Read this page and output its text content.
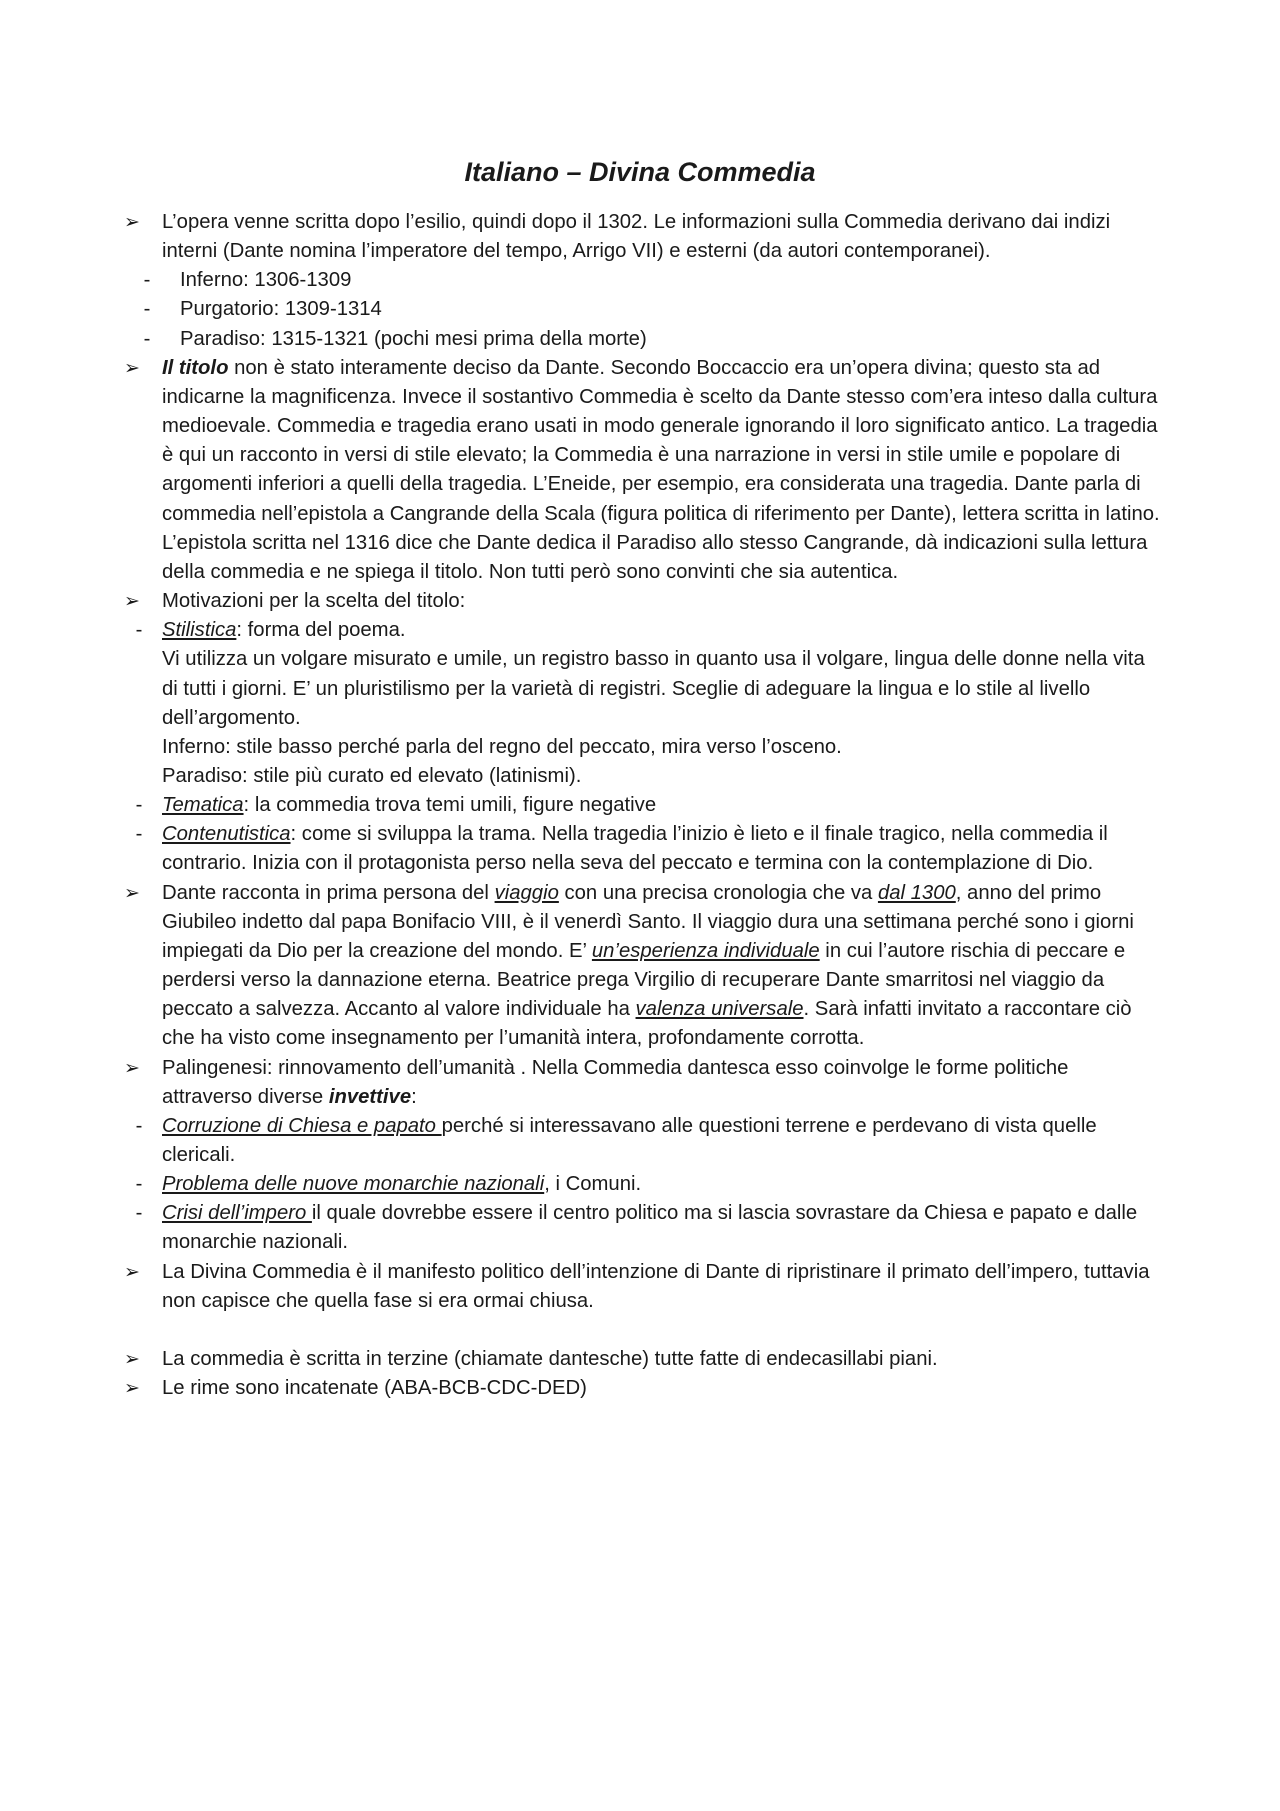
Italiano – Divina Commedia
➢	L’opera venne scritta dopo l’esilio, quindi dopo il 1302. Le informazioni sulla Commedia derivano dai indizi interni (Dante nomina l’imperatore del tempo, Arrigo VII) e esterni (da autori contemporanei).
-	Inferno: 1306-1309
-	Purgatorio: 1309-1314
-	Paradiso: 1315-1321 (pochi mesi prima della morte)
➢	Il titolo non è stato interamente deciso da Dante. Secondo Boccaccio era un’opera divina; questo sta ad indicarne la magnificenza. Invece il sostantivo Commedia è scelto da Dante stesso com’era inteso dalla cultura medioevale. Commedia e tragedia erano usati in modo generale ignorando il loro significato antico. La tragedia è qui un racconto in versi di stile elevato; la Commedia è una narrazione in versi in stile umile e popolare di argomenti inferiori a quelli della tragedia. L’Eneide, per esempio, era considerata una tragedia. Dante parla di commedia nell’epistola a Cangrande della Scala (figura politica di riferimento per Dante), lettera scritta in latino. L’epistola scritta nel 1316 dice che Dante dedica il Paradiso allo stesso Cangrande, dà indicazioni sulla lettura della commedia e ne spiega il titolo. Non tutti però sono convinti che sia autentica.
➢	Motivazioni per la scelta del titolo:
- Stilistica: forma del poema.
Vi utilizza un volgare misurato e umile, un registro basso in quanto usa il volgare, lingua delle donne nella vita di tutti i giorni. E’ un pluristilismo per la varietà di registri. Sceglie di adeguare la lingua e lo stile al livello dell’argomento.
Inferno: stile basso perché parla del regno del peccato, mira verso l’osceno.
Paradiso: stile più curato ed elevato (latinismi).
- Tematica: la commedia trova temi umili, figure negative
- Contenutistica: come si sviluppa la trama. Nella tragedia l’inizio è lieto e il finale tragico, nella commedia il contrario. Inizia con il protagonista perso nella seva del peccato e termina con la contemplazione di Dio.
➢	Dante racconta in prima persona del viaggio con una precisa cronologia che va dal 1300, anno del primo Giubileo indetto dal papa Bonifacio VIII, è il venerdì Santo. Il viaggio dura una settimana perché sono i giorni impiegati da Dio per la creazione del mondo. E’ un’esperienza individuale in cui l’autore rischia di peccare e perdersi verso la dannazione eterna. Beatrice prega Virgilio di recuperare Dante smarritosi nel viaggio da peccato a salvezza. Accanto al valore individuale ha valenza universale. Sarà infatti invitato a raccontare ciò che ha visto come insegnamento per l’umanità intera, profondamente corrotta.
➢	Palingenesi: rinnovamento dell’umanità . Nella Commedia dantesca esso coinvolge le forme politiche attraverso diverse invettive:
- Corruzione di Chiesa e papato perché si interessavano alle questioni terrene e perdevano di vista quelle clericali.
- Problema delle nuove monarchie nazionali, i Comuni.
- Crisi dell’impero il quale dovrebbe essere il centro politico ma si lascia sovrastare da Chiesa e papato e dalle monarchie nazionali.
➢	La Divina Commedia è il manifesto politico dell’intenzione di Dante di ripristinare il primato dell’impero, tuttavia non capisce che quella fase si era ormai chiusa.
➢	La commedia è scritta in terzine (chiamate dantesche) tutte fatte di endecasillabi piani.
➢	Le rime sono incatenate (ABA-BCB-CDC-DED)
